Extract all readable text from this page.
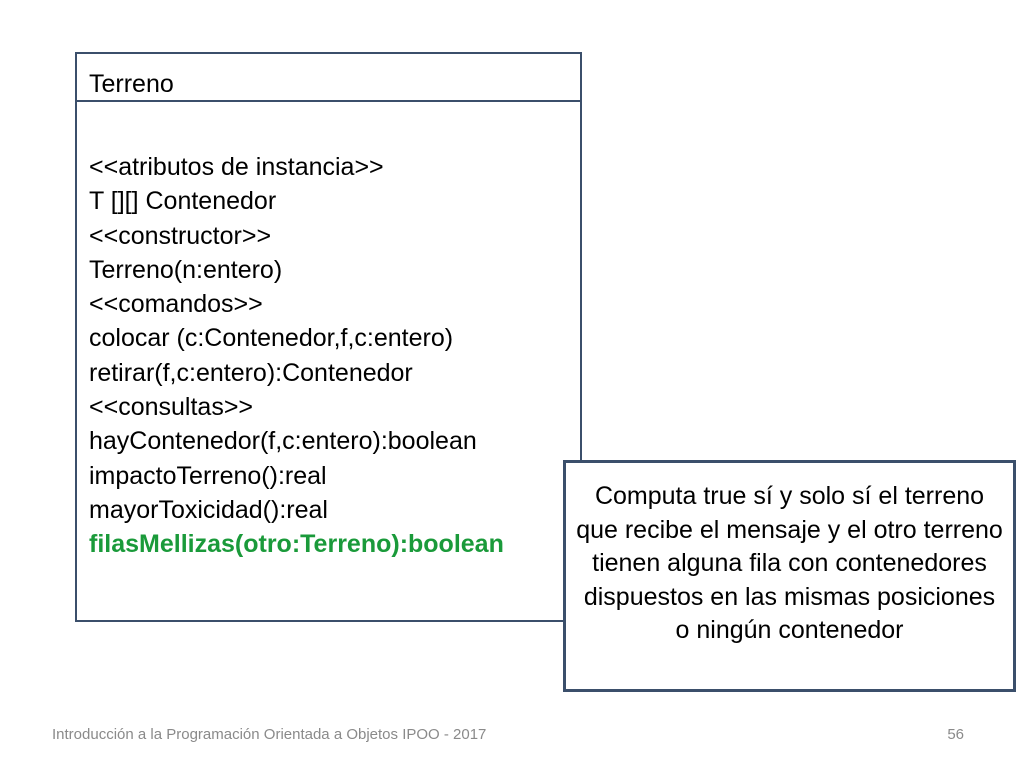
Terreno
<<atributos de instancia>>
T [][] Contenedor
<<constructor>>
Terreno(n:entero)
<<comandos>>
colocar (c:Contenedor,f,c:entero)
retirar(f,c:entero):Contenedor
<<consultas>>
hayContenedor(f,c:entero):boolean
impactoTerreno():real
mayorToxicidad():real
filasMellizas(otro:Terreno):boolean
Computa true sí y solo sí el terreno que recibe el mensaje y el otro terreno tienen alguna fila con contenedores dispuestos en las mismas posiciones o ningún contenedor
Introducción a la Programación Orientada a Objetos IPOO - 2017	56
